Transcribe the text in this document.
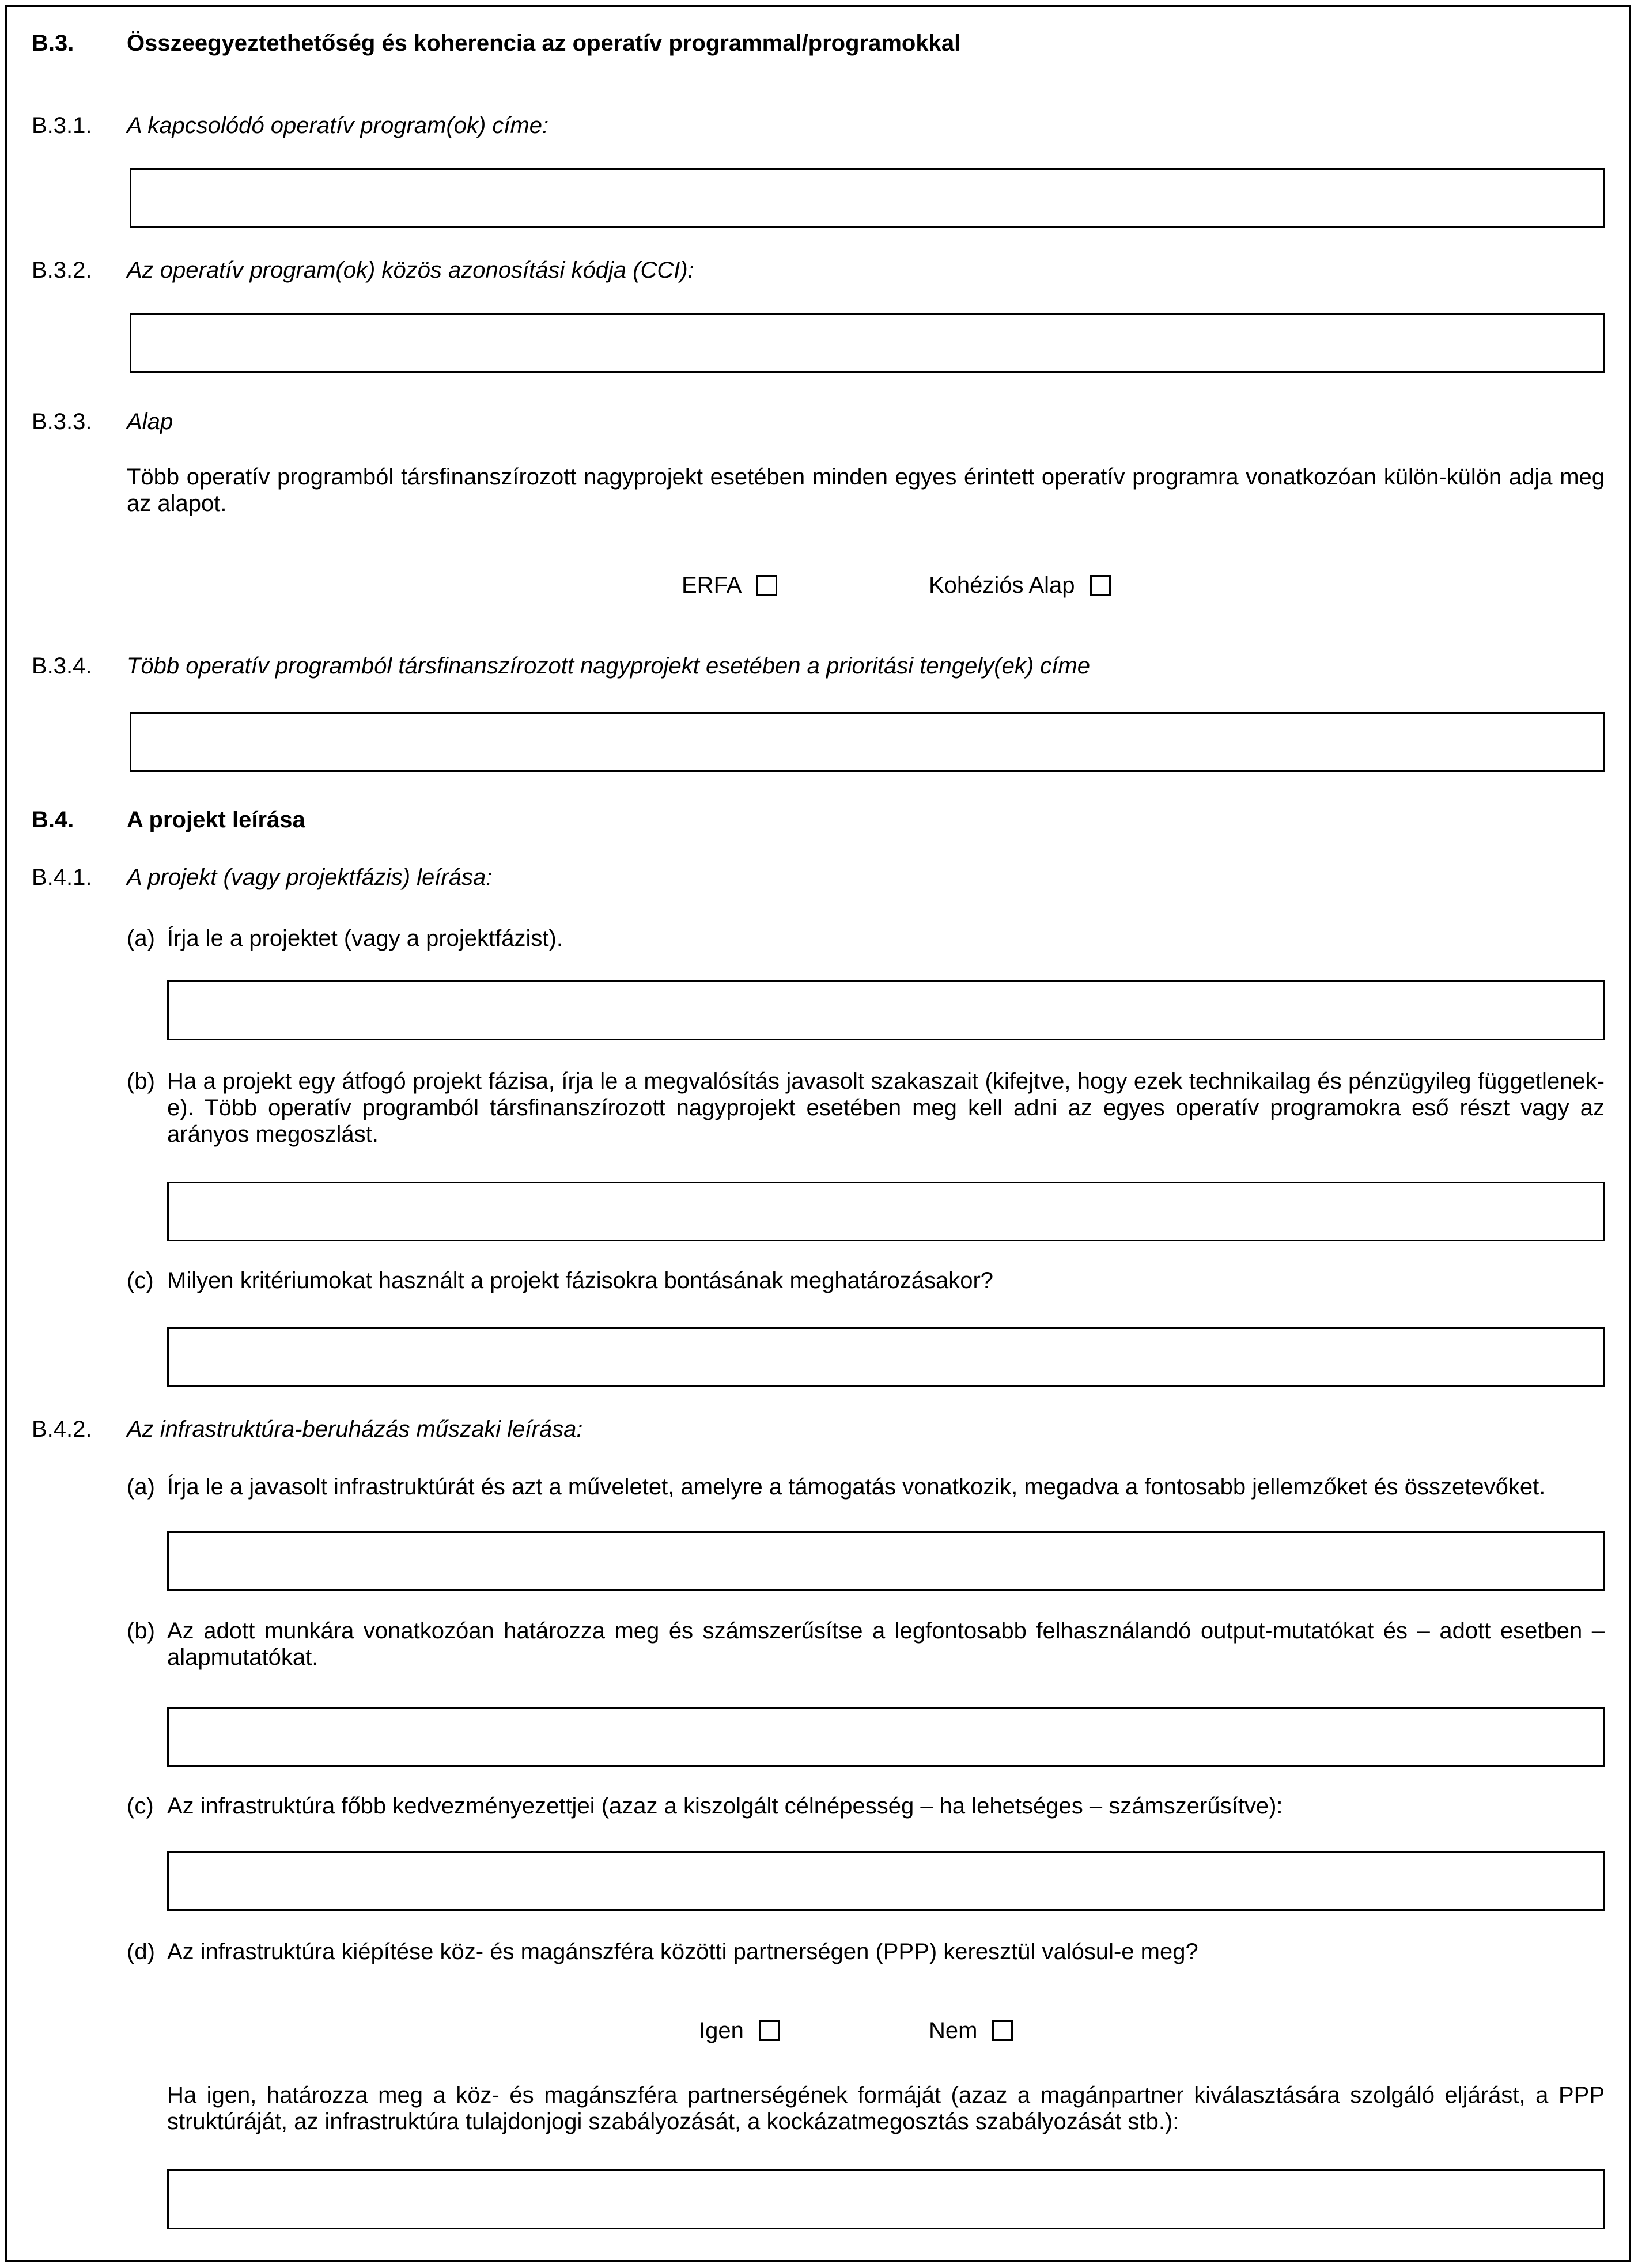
B.3. Összeegyeztethetőség és koherencia az operatív programmal/programokkal
B.3.1. A kapcsolódó operatív program(ok) címe:
B.3.2. Az operatív program(ok) közös azonosítási kódja (CCI):
B.3.3. Alap
Több operatív programból társfinanszírozott nagyprojekt esetében minden egyes érintett operatív programra vonatkozóan külön-külön adja meg az alapot.
ERFA	Kohéziós Alap
B.3.4. Több operatív programból társfinanszírozott nagyprojekt esetében a prioritási tengely(ek) címe
B.4. A projekt leírása
B.4.1. A projekt (vagy projektfázis) leírása:
(a) Írja le a projektet (vagy a projektfázist).
(b) Ha a projekt egy átfogó projekt fázisa, írja le a megvalósítás javasolt szakaszait (kifejtve, hogy ezek technikailag és pénzügyileg függetlenek-e). Több operatív programból társfinanszírozott nagyprojekt esetében meg kell adni az egyes operatív programokra eső részt vagy az arányos megoszlást.
(c) Milyen kritériumokat használt a projekt fázisokra bontásának meghatározásakor?
B.4.2. Az infrastruktúra-beruházás műszaki leírása:
(a) Írja le a javasolt infrastruktúrát és azt a műveletet, amelyre a támogatás vonatkozik, megadva a fontosabb jellemzőket és összetevőket.
(b) Az adott munkára vonatkozóan határozza meg és számszerűsítse a legfontosabb felhasználandó output-mutatókat és – adott esetben – alapmutatókat.
(c) Az infrastruktúra főbb kedvezményezettjei (azaz a kiszolgált célnépesség – ha lehetséges – számszerűsítve):
(d) Az infrastruktúra kiépítése köz- és magánszféra közötti partnerségen (PPP) keresztül valósul-e meg?
Igen	Nem
Ha igen, határozza meg a köz- és magánszféra partnerségének formáját (azaz a magánpartner kiválasztására szolgáló eljárást, a PPP struktúráját, az infrastruktúra tulajdonjogi szabályozását, a kockázatmegosztás szabályozását stb.):
